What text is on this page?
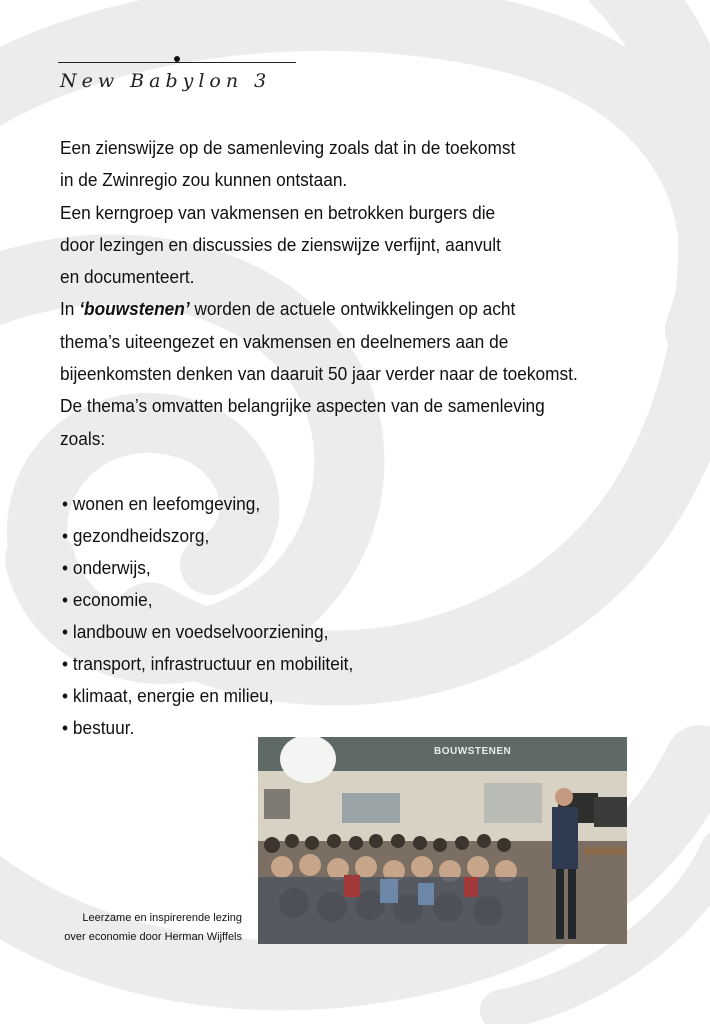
New Babylon 3
Een zienswijze op de samenleving zoals dat in de toekomst
in de Zwinregio zou kunnen ontstaan.
Een kerngroep van vakmensen en betrokken burgers die
door lezingen en discussies de zienswijze verfijnt, aanvult
en documenteert.
In ‘bouwstenen’ worden de actuele ontwikkelingen op acht
thema’s uiteengezet en vakmensen en deelnemers aan de
bijeenkomsten denken van daaruit 50 jaar verder naar de toekomst.
De thema’s omvatten belangrijke aspecten van de samenleving
zoals:
• wonen en leefomgeving,
• gezondheidszorg,
• onderwijs,
• economie,
• landbouw en voedselvoorziening,
• transport, infrastructuur en mobiliteit,
• klimaat, energie en milieu,
• bestuur.
BOUWSTENEN
Leerzame en inspirerende lezing
over economie door Herman Wijffels
